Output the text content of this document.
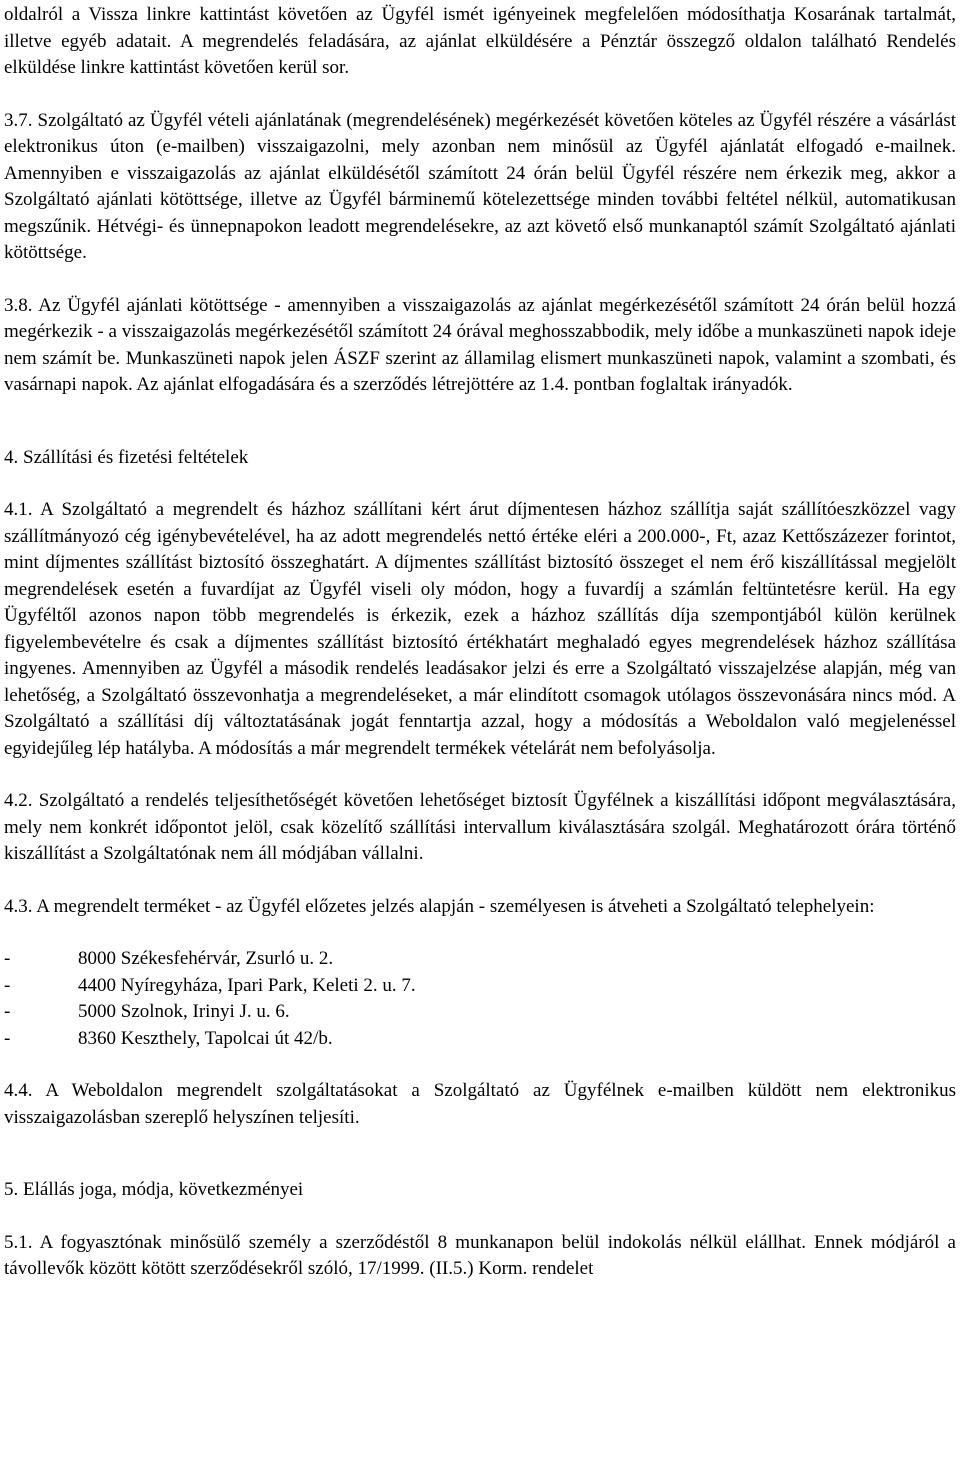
oldalról a Vissza linkre kattintást követően az Ügyfél ismét igényeinek megfelelően módosíthatja Kosarának tartalmát, illetve egyéb adatait. A megrendelés feladására, az ajánlat elküldésére a Pénztár összegző oldalon található Rendelés elküldése linkre kattintást követően kerül sor.

3.7. Szolgáltató az Ügyfél vételi ajánlatának (megrendelésének) megérkezését követően köteles az Ügyfél részére a vásárlást elektronikus úton (e-mailben) visszaigazolni, mely azonban nem minősül az Ügyfél ajánlatát elfogadó e-mailnek. Amennyiben e visszaigazolás az ajánlat elküldésétől számított 24 órán belül Ügyfél részére nem érkezik meg, akkor a Szolgáltató ajánlati kötöttsége, illetve az Ügyfél bárminemű kötelezettsége minden további feltétel nélkül, automatikusan megszűnik. Hétvégi- és ünnepnapokon leadott megrendelésekre, az azt követő első munkanaptól számít Szolgáltató ajánlati kötöttsége.

3.8. Az Ügyfél ajánlati kötöttsége - amennyiben a visszaigazolás az ajánlat megérkezésétől számított 24 órán belül hozzá megérkezik - a visszaigazolás megérkezésétől számított 24 órával meghosszabbodik, mely időbe a munkaszüneti napok ideje nem számít be. Munkaszüneti napok jelen ÁSZF szerint az államilag elismert munkaszüneti napok, valamint a szombati, és vasárnapi napok. Az ajánlat elfogadására és a szerződés létrejöttére az 1.4. pontban foglaltak irányadók.

4. Szállítási és fizetési feltételek

4.1. A Szolgáltató a megrendelt és házhoz szállítani kért árut díjmentesen házhoz szállítja saját szállítóeszközzel vagy szállítmányozó cég igénybevételével, ha az adott megrendelés nettó értéke eléri a 200.000-, Ft, azaz Kettőszázezer forintot, mint díjmentes szállítást biztosító összeghatárt. A díjmentes szállítást biztosító összeget el nem érő kiszállítással megjelölt megrendelések esetén a fuvardíjat az Ügyfél viseli oly módon, hogy a fuvardíj a számlán feltüntetésre kerül. Ha egy Ügyféltől azonos napon több megrendelés is érkezik, ezek a házhoz szállítás díja szempontjából külön kerülnek figyelembevételre és csak a díjmentes szállítást biztosító értékhatárt meghaladó egyes megrendelések házhoz szállítása ingyenes. Amennyiben az Ügyfél a második rendelés leadásakor jelzi és erre a Szolgáltató visszajelzése alapján, még van lehetőség, a Szolgáltató összevonhatja a megrendeléseket, a már elindított csomagok utólagos összevonására nincs mód. A Szolgáltató a szállítási díj változtatásának jogát fenntartja azzal, hogy a módosítás a Weboldalon való megjelenéssel egyidejűleg lép hatályba. A módosítás a már megrendelt termékek vételárát nem befolyásolja.

4.2. Szolgáltató a rendelés teljesíthetőségét követően lehetőséget biztosít Ügyfélnek a kiszállítási időpont megválasztására, mely nem konkrét időpontot jelöl, csak közelítő szállítási intervallum kiválasztására szolgál. Meghatározott órára történő kiszállítást a Szolgáltatónak nem áll módjában vállalni.

4.3. A megrendelt terméket - az Ügyfél előzetes jelzés alapján - személyesen is átveheti a Szolgáltató telephelyein:

-	8000 Székesfehérvár, Zsurló u. 2.
-	4400 Nyíregyháza, Ipari Park, Keleti 2. u. 7.
-	5000 Szolnok, Irinyi J. u. 6.
-	8360 Keszthely, Tapolcai út 42/b.

4.4. A Weboldalon megrendelt szolgáltatásokat a Szolgáltató az Ügyfélnek e-mailben küldött nem elektronikus visszaigazolásban szereplő helyszínen teljesíti.

5. Elállás joga, módja, következményei

5.1. A fogyasztónak minősülő személy a szerződéstől 8 munkanapon belül indokolás nélkül elállhat. Ennek módjáról a távollevők között kötött szerződésekről szóló, 17/1999. (II.5.) Korm. rendelet
